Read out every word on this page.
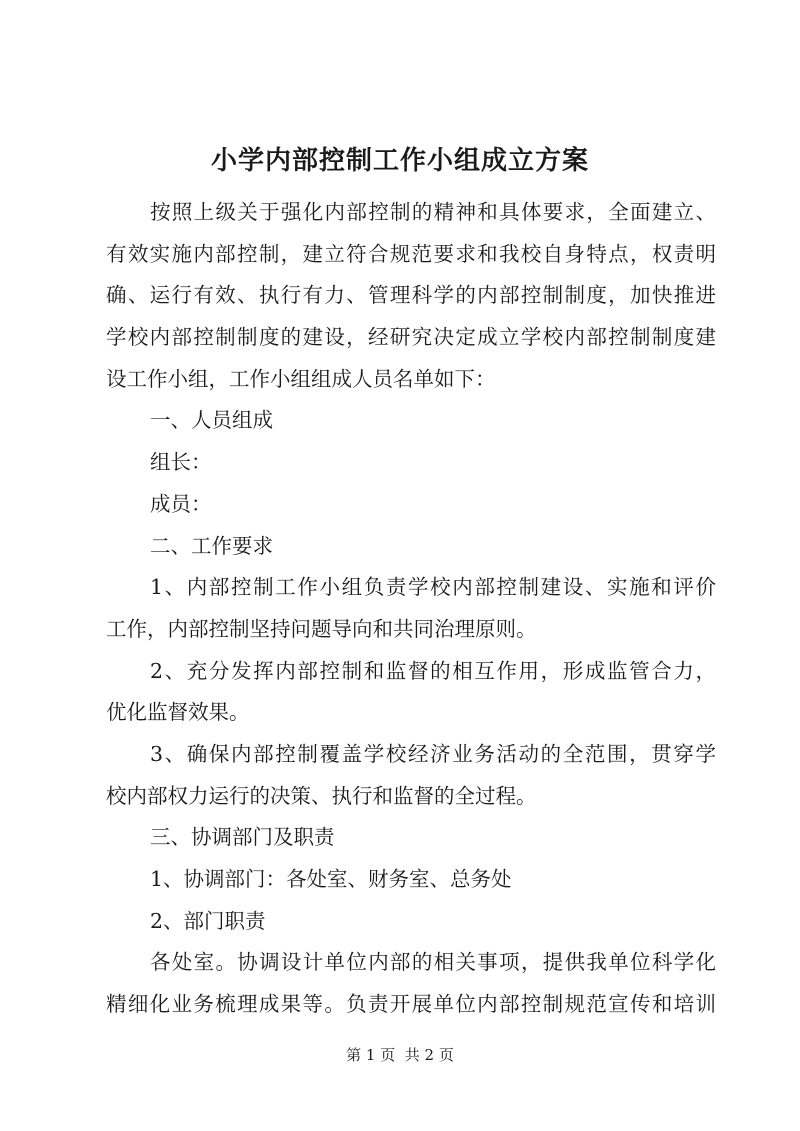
小学内部控制工作小组成立方案
按照上级关于强化内部控制的精神和具体要求，全面建立、
有效实施内部控制，建立符合规范要求和我校自身特点，权责明
确、运行有效、执行有力、管理科学的内部控制制度，加快推进
学校内部控制制度的建设，经研究决定成立学校内部控制制度建
设工作小组，工作小组组成人员名单如下：
一、人员组成
组长：
成员：
二、工作要求
1、内部控制工作小组负责学校内部控制建设、实施和评价
工作，内部控制坚持问题导向和共同治理原则。
2、充分发挥内部控制和监督的相互作用，形成监管合力，
优化监督效果。
3、确保内部控制覆盖学校经济业务活动的全范围，贯穿学
校内部权力运行的决策、执行和监督的全过程。
三、协调部门及职责
1、协调部门：各处室、财务室、总务处
2、部门职责
各处室。协调设计单位内部的相关事项，提供我单位科学化
精细化业务梳理成果等。负责开展单位内部控制规范宣传和培训
第 1 页  共 2 页
